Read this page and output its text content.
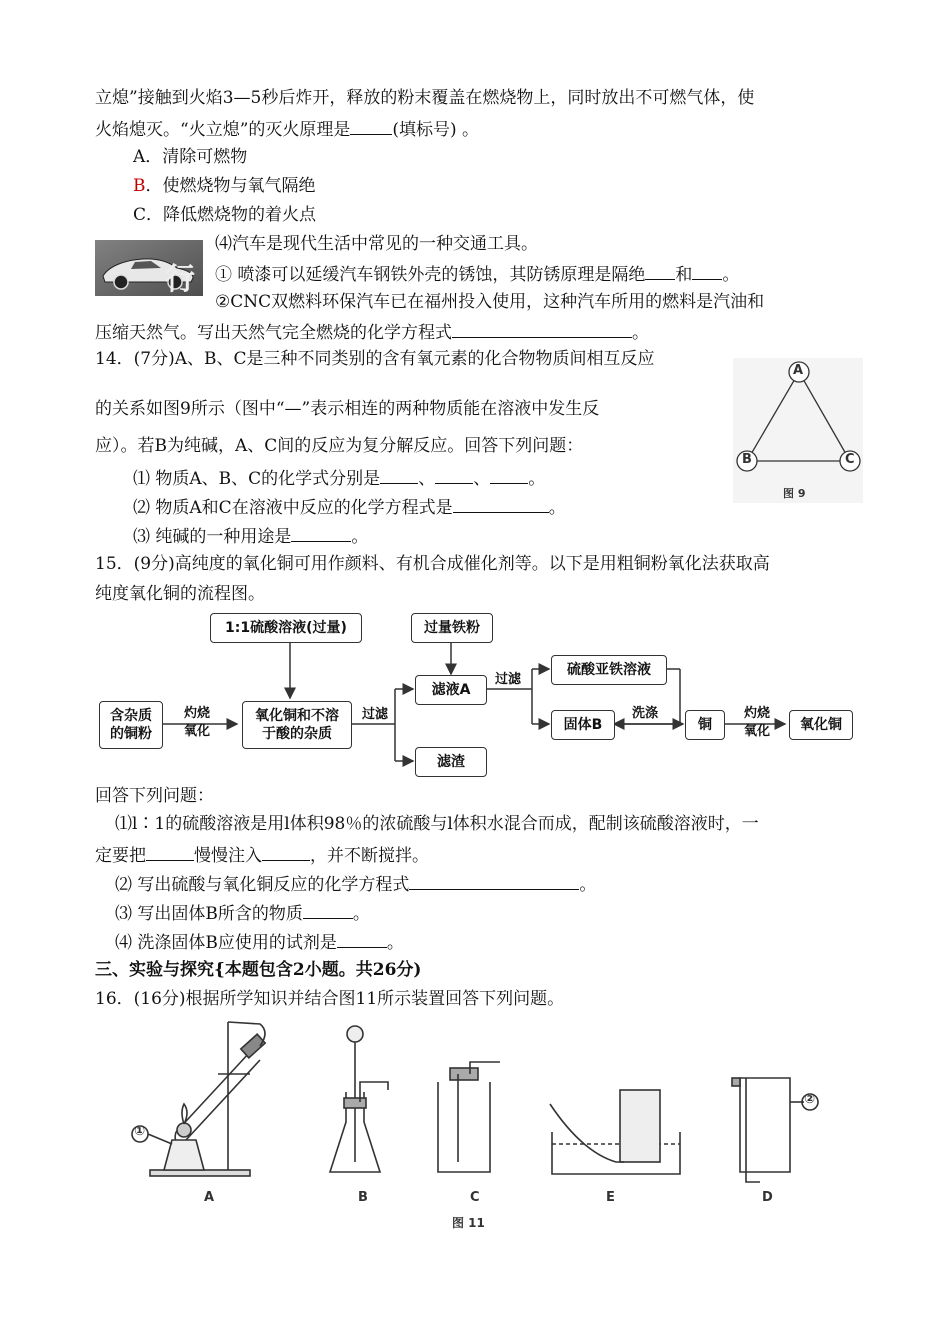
立熄”接触到火焰3—5秒后炸开，释放的粉末覆盖在燃烧物上，同时放出不可燃气体，使
火焰熄灭。“火立熄”的灭火原理是 (填标号) 。
A．清除可燃物
B．使燃烧物与氧气隔绝
C．降低燃烧物的着火点
行
⑷汽车是现代生活中常见的一种交通工具。
① 喷漆可以延缓汽车钢铁外壳的锈蚀，其防锈原理是隔绝 和 。
②CNC双燃料环保汽车已在福州投入使用，这种汽车所用的燃料是汽油和
压缩天然气。写出天然气完全燃烧的化学方程式	。
14．(7分)A、B、C是三种不同类别的含有氧元素的化合物物质间相互反应
的关系如图9所示（图中“—”表示相连的两种物质能在溶液中发生反
应）。若B为纯碱，A、C间的反应为复分解反应。回答下列问题：
⑴ 物质A、B、C的化学式分别是 、 、 。
⑵ 物质A和C在溶液中反应的化学方程式是	。
⑶ 纯碱的一种用途是	。
A
B	C
图 9
15．(9分)高纯度的氧化铜可用作颜料、有机合成催化剂等。以下是用粗铜粉氧化法获取高
纯度氧化铜的流程图。
含杂质
的铜粉
灼烧
氧化
氧化铜和不溶
于酸的杂质
1:1硫酸溶液(过量)
过滤
滤液A
滤渣
过量铁粉
过滤
硫酸亚铁溶液
固体B
洗涤
铜
灼烧
氧化	氧化铜
回答下列问题：
⑴l∶1的硫酸溶液是用l体积98％的浓硫酸与l体积水混合而成，配制该硫酸溶液时，一
定要把	慢慢注入	，并不断搅拌。
⑵ 写出硫酸与氧化铜反应的化学方程式	。
⑶ 写出固体B所含的物质	。
⑷ 洗涤固体B应使用的试剂是	。
三、实验与探究{本题包含2小题。共26分)
16．(16分)根据所学知识并结合图11所示装置回答下列问题。
①
②
A	B	C	E	D
图 11
